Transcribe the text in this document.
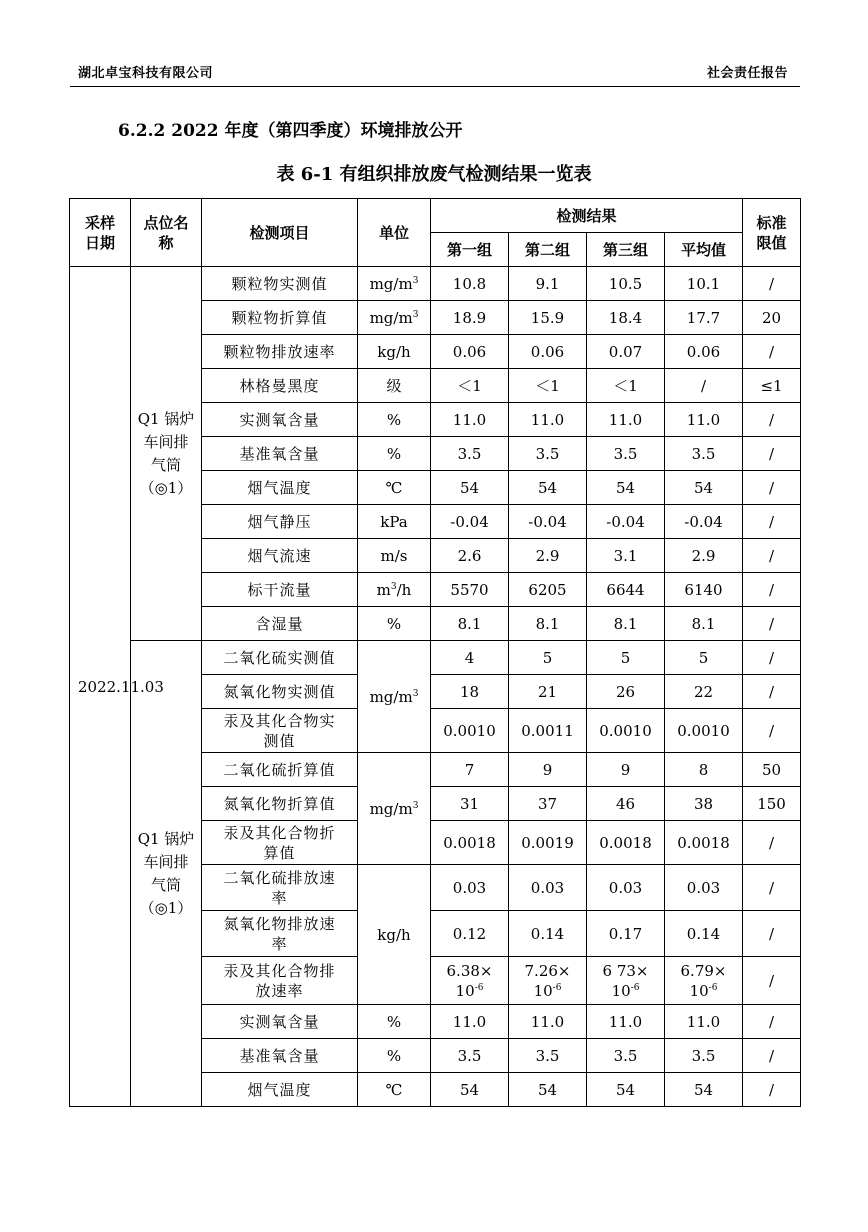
湖北卓宝科技有限公司	社会责任报告
6.2.2 2022 年度（第四季度）环境排放公开
表 6-1 有组织排放废气检测结果一览表
采样日期	点位名称	检测项目	单位	检测结果				标准限值
				第一组	第二组	第三组	平均值	
2022.11.03	Q1 锅炉车间排气筒（◎1）	颗粒物实测值	$mg/m^3$	10.8	9.1	10.5	10.1	/
		颗粒物折算值	$mg/m^3$	18.9	15.9	18.4	17.7	20
		颗粒物排放速率	kg/h	0.06	0.06	0.07	0.06	/
		林格曼黑度	级	＜1	＜1	＜1	/	≤1
		实测氧含量	%	11.0	11.0	11.0	11.0	/
		基准氧含量	%	3.5	3.5	3.5	3.5	/
		烟气温度	℃	54	54	54	54	/
		烟气静压	kPa	-0.04	-0.04	-0.04	-0.04	/
		烟气流速	m/s	2.6	2.9	3.1	2.9	/
		标干流量	$m^3/h$	5570	6205	6644	6140	/
		含湿量	%	8.1	8.1	8.1	8.1	/
	Q1 锅炉车间排气筒（◎1）	二氧化硫实测值	$mg/m^3$	4	5	5	5	/
		氮氧化物实测值		18	21	26	22	/
		汞及其化合物实测值		0.0010	0.0011	0.0010	0.0010	/
		二氧化硫折算值	$mg/m^3$	7	9	9	8	50
		氮氧化物折算值		31	37	46	38	150
		汞及其化合物折算值		0.0018	0.0019	0.0018	0.0018	/
		二氧化硫排放速率	kg/h	0.03	0.03	0.03	0.03	/
		氮氧化物排放速率		0.12	0.14	0.17	0.14	/
		汞及其化合物排放速率		6.38×
$10^{-6}$	7.26×
$10^{-6}$	6 73×
$10^{-6}$	6.79×
$10^{-6}$	/
		实测氧含量	%	11.0	11.0	11.0	11.0	/
		基准氧含量	%	3.5	3.5	3.5	3.5	/
		烟气温度	℃	54	54	54	54	/
